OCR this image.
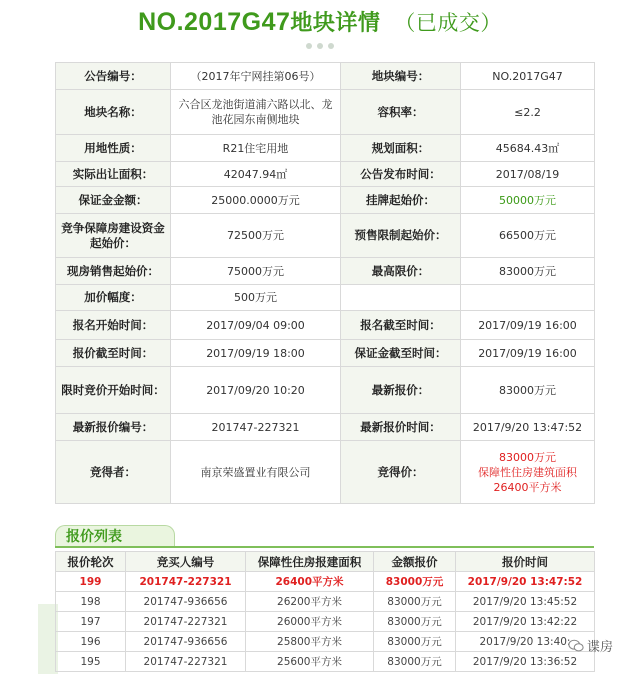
NO.2017G47地块详情 （已成交）
公告编号：	（2017年宁网挂第06号）	地块编号：	NO.2017G47
地块名称：	六合区龙池街道浦六路以北、龙池花园东南侧地块	容积率：	≤2.2
用地性质：	R21住宅用地	规划面积：	45684.43㎡
实际出让面积：	42047.94㎡	公告发布时间：	2017/08/19
保证金金额：	25000.0000万元	挂牌起始价：	50000万元
竞争保障房建设资金起始价：	72500万元	预售限制起始价：	66500万元
现房销售起始价：	75000万元	最高限价：	83000万元
加价幅度：	500万元		
报名开始时间：	2017/09/04 09:00	报名截至时间：	2017/09/19 16:00
报价截至时间：	2017/09/19 18:00	保证金截至时间：	2017/09/19 16:00
限时竞价开始时间：	2017/09/20 10:20	最新报价：	83000万元
最新报价编号：	201747-227321	最新报价时间：	2017/9/20 13:47:52
竞得者：	南京荣盛置业有限公司	竞得价：	83000万元
保障性住房建筑面积
26400平方米
报价列表
报价轮次	竞买人编号	保障性住房报建面积	金额报价	报价时间
199	201747-227321	26400平方米	83000万元	2017/9/20 13:47:52
198	201747-936656	26200平方米	83000万元	2017/9/20 13:45:52
197	201747-227321	26000平方米	83000万元	2017/9/20 13:42:22
196	201747-936656	25800平方米	83000万元	2017/9/20 13:40:
195	201747-227321	25600平方米	83000万元	2017/9/20 13:36:52
谍房
